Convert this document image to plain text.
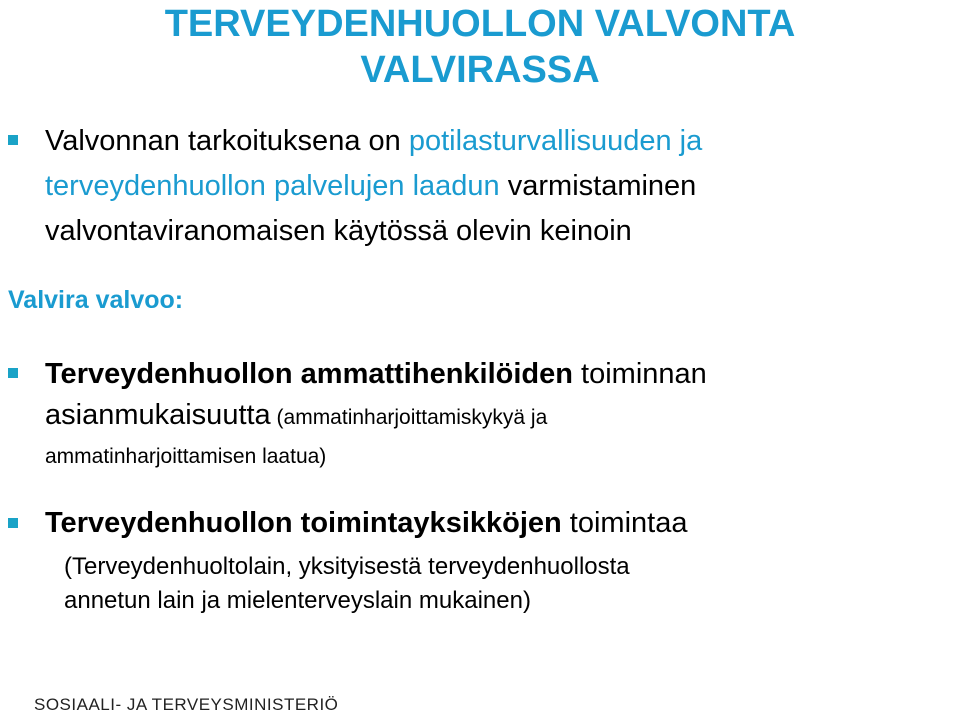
TERVEYDENHUOLLON VALVONTA
VALVIRASSA
Valvonnan tarkoituksena on potilasturvallisuuden ja
terveydenhuollon palvelujen laadun varmistaminen
valvontaviranomaisen käytössä olevin keinoin
Valvira valvoo:
Terveydenhuollon ammattihenkilöiden toiminnan
asianmukaisuutta (ammatinharjoittamiskykyä ja
ammatinharjoittamisen laatua)
Terveydenhuollon toimintayksikköjen toimintaa
(Terveydenhuoltolain, yksityisestä terveydenhuollosta
annetun lain ja mielenterveyslain mukainen)
SOSIAALI- JA TERVEYSMINISTERIÖ
